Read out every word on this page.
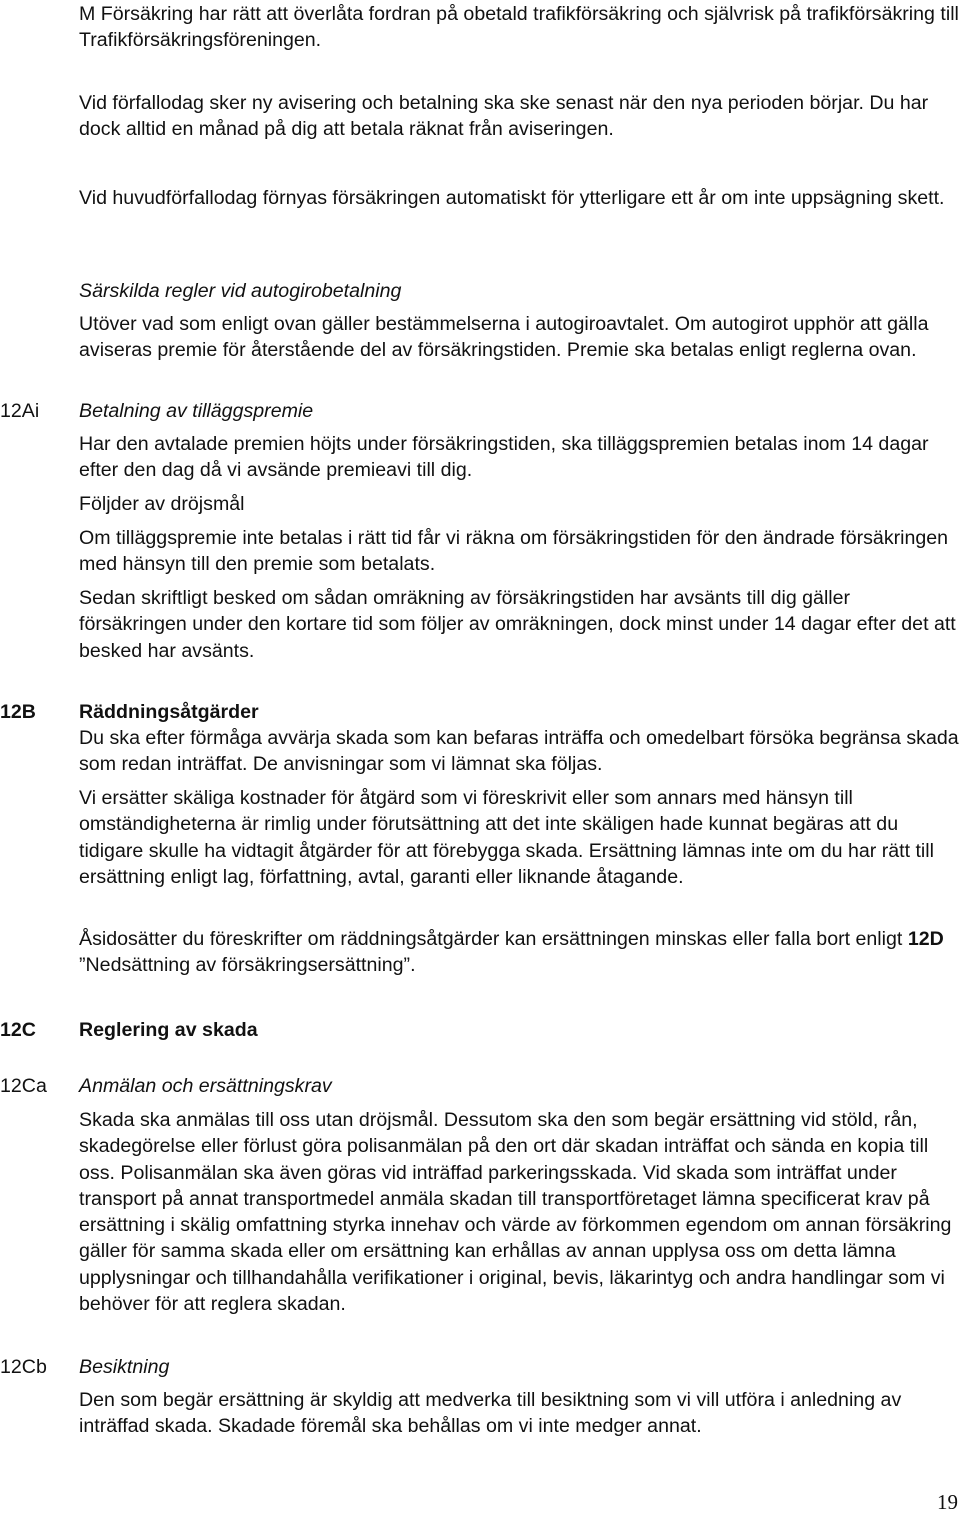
M Försäkring har rätt att överlåta fordran på obetald trafikförsäkring och självrisk på trafikförsäkring till Trafikförsäkringsföreningen.

Vid förfallodag sker ny avisering och betalning ska ske senast när den nya perioden börjar. Du har dock alltid en månad på dig att betala räknat från aviseringen.

Vid huvudförfallodag förnyas försäkringen automatiskt för ytterligare ett år om inte uppsägning skett.

Särskilda regler vid autogirobetalning

Utöver vad som enligt ovan gäller bestämmelserna i autogiroavtalet. Om autogirot upphör att gälla aviseras premie för återstående del av försäkringstiden. Premie ska betalas enligt reglerna ovan.

12Ai Betalning av tilläggspremie

Har den avtalade premien höjts under försäkringstiden, ska tilläggspremien betalas inom 14 dagar efter den dag då vi avsände premieavi till dig.

Följder av dröjsmål

Om tilläggspremie inte betalas i rätt tid får vi räkna om försäkringstiden för den ändrade försäkringen med hänsyn till den premie som betalats.

Sedan skriftligt besked om sådan omräkning av försäkringstiden har avsänts till dig gäller försäkringen under den kortare tid som följer av omräkningen, dock minst under 14 dagar efter det att besked har avsänts.

12B Räddningsåtgärder

Du ska efter förmåga avvärja skada som kan befaras inträffa och omedelbart försöka begränsa skada som redan inträffat. De anvisningar som vi lämnat ska följas.

Vi ersätter skäliga kostnader för åtgärd som vi föreskrivit eller som annars med hänsyn till omständigheterna är rimlig under förutsättning att det inte skäligen hade kunnat begäras att du tidigare skulle ha vidtagit åtgärder för att förebygga skada. Ersättning lämnas inte om du har rätt till ersättning enligt lag, författning, avtal, garanti eller liknande åtagande.

Åsidosätter du föreskrifter om räddningsåtgärder kan ersättningen minskas eller falla bort enligt 12D ”Nedsättning av försäkringsersättning”.

12C Reglering av skada

12Ca Anmälan och ersättningskrav

Skada ska anmälas till oss utan dröjsmål. Dessutom ska den som begär ersättning vid stöld, rån, skadegörelse eller förlust göra polisanmälan på den ort där skadan inträffat och sända en kopia till oss. Polisanmälan ska även göras vid inträffad parkeringsskada. Vid skada som inträffat under transport på annat transportmedel anmäla skadan till transportföretaget lämna specificerat krav på ersättning i skälig omfattning styrka innehav och värde av förkommen egendom om annan försäkring gäller för samma skada eller om ersättning kan erhållas av annan upplysa oss om detta lämna upplysningar och tillhandahålla verifikationer i original, bevis, läkarintyg och andra handlingar som vi behöver för att reglera skadan.

12Cb Besiktning

Den som begär ersättning är skyldig att medverka till besiktning som vi vill utföra i anledning av inträffad skada. Skadade föremål ska behållas om vi inte medger annat.

19
